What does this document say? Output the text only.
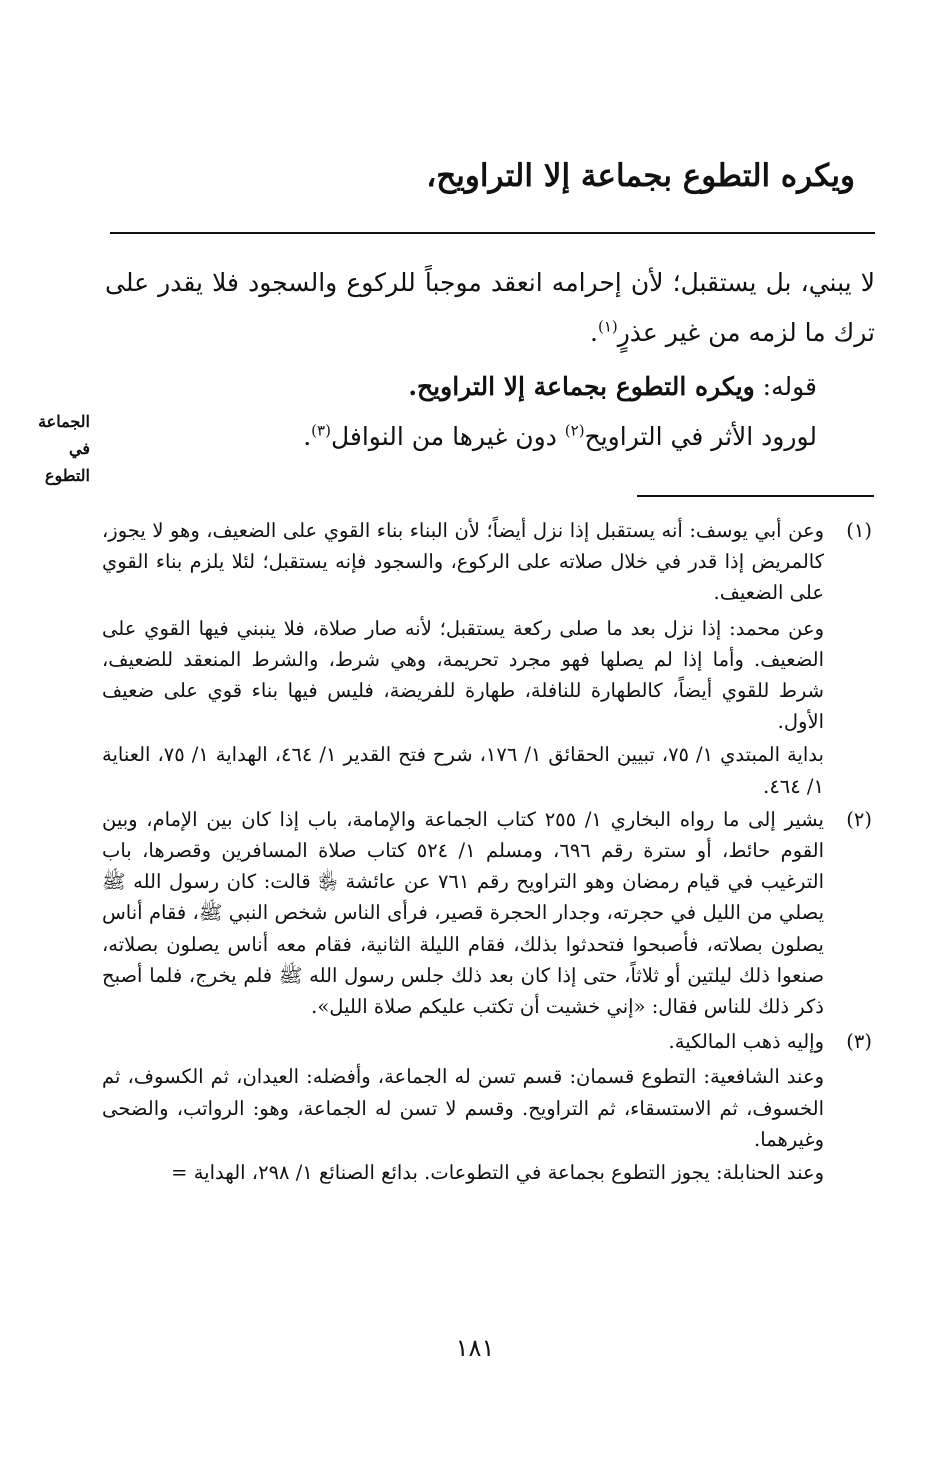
ويكره التطوع بجماعة إلا التراويح،

لا يبني، بل يستقبل؛ لأن إحرامه انعقد موجباً للركوع والسجود فلا يقدر على ترك ما لزمه من غير عذرٍ$^{(١)}$.

قوله: ويكره التطوع بجماعة إلا التراويح.

لورود الأثر في التراويح$^{(٢)}$ دون غيرها من النوافل$^{(٣)}$.

الجماعة
في
التطوع
(١)

وعن أبي يوسف: أنه يستقبل إذا نزل أيضاً؛ لأن البناء بناء القوي على الضعيف، وهو لا يجوز، كالمريض إذا قدر في خلال صلاته على الركوع، والسجود فإنه يستقبل؛ لئلا يلزم بناء القوي على الضعيف.

وعن محمد: إذا نزل بعد ما صلى ركعة يستقبل؛ لأنه صار صلاة، فلا ينبني فيها القوي على الضعيف. وأما إذا لم يصلها فهو مجرد تحريمة، وهي شرط، والشرط المنعقد للضعيف، شرط للقوي أيضاً، كالطهارة للنافلة، طهارة للفريضة، فليس فيها بناء قوي على ضعيف الأول.

بداية المبتدي ١/ ٧٥، تبيين الحقائق ١/ ١٧٦، شرح فتح القدير ١/ ٤٦٤، الهداية ١/ ٧٥، العناية ١/ ٤٦٤.

(٢)

يشير إلى ما رواه البخاري ١/ ٢٥٥ كتاب الجماعة والإمامة، باب إذا كان بين الإمام، وبين القوم حائط، أو سترة رقم ٦٩٦، ومسلم ١/ ٥٢٤ كتاب صلاة المسافرين وقصرها، باب الترغيب في قيام رمضان وهو التراويح رقم ٧٦١ عن عائشة ﵂ قالت: كان رسول الله ﷺ يصلي من الليل في حجرته، وجدار الحجرة قصير، فرأى الناس شخص النبي ﷺ، فقام أناس يصلون بصلاته، فأصبحوا فتحدثوا بذلك، فقام الليلة الثانية، فقام معه أناس يصلون بصلاته، صنعوا ذلك ليلتين أو ثلاثاً، حتى إذا كان بعد ذلك جلس رسول الله ﷺ فلم يخرج، فلما أصبح ذكر ذلك للناس فقال: «إني خشيت أن تكتب عليكم صلاة الليل».

(٣)

وإليه ذهب المالكية.

وعند الشافعية: التطوع قسمان: قسم تسن له الجماعة، وأفضله: العيدان، ثم الكسوف، ثم الخسوف، ثم الاستسقاء، ثم التراويح. وقسم لا تسن له الجماعة، وهو: الرواتب، والضحى وغيرهما.

وعند الحنابلة: يجوز التطوع بجماعة في التطوعات. بدائع الصنائع ١/ ٢٩٨، الهداية =

١٨١
